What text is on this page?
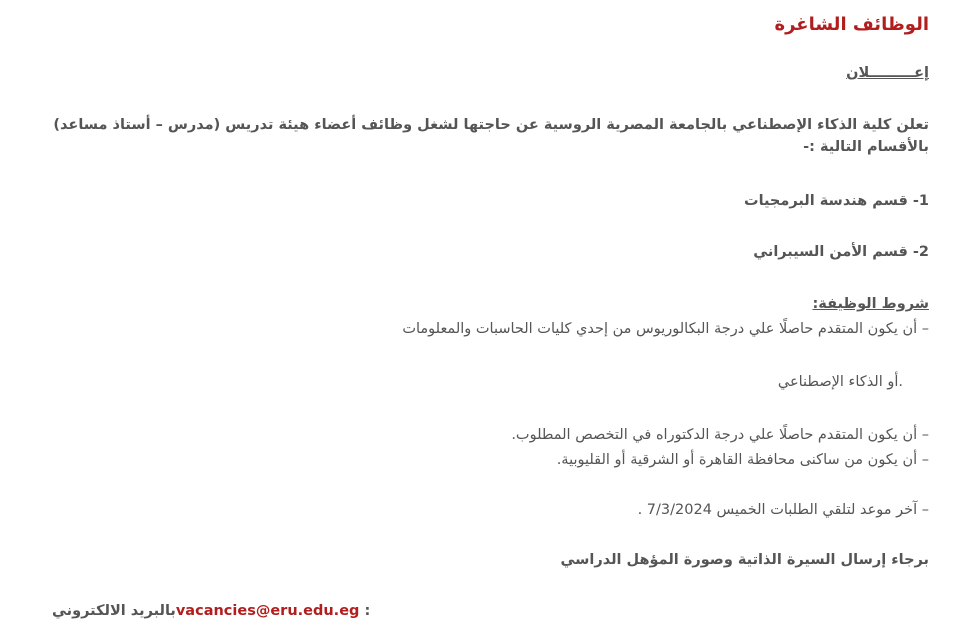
الوظائف الشاغرة
إعـــــــــلان
تعلن كلية الذكاء الإصطناعي بالجامعة المصرية الروسية عن حاجتها لشغل وظائف أعضاء هيئة تدريس (مدرس – أستاذ مساعد) بالأقسام التالية :-
1- قسم هندسة البرمجيات
2- قسم الأمن السيبراني
شروط الوظيفة:
– أن يكون المتقدم حاصلًا علي درجة البكالوريوس من إحدي كليات الحاسبات والمعلومات
.أو الذكاء الإصطناعي
– أن يكون المتقدم حاصلًا علي درجة الدكتوراه في التخصص المطلوب.
– أن يكون من ساكنى محافظة القاهرة أو الشرقية أو القليوبية.
– آخر موعد لتلقي الطلبات الخميس 7/3/2024 .
برجاء إرسال السيرة الذاتية وصورة المؤهل الدراسي
بالبريد الالكترونيvacancies@eru.edu.eg :
